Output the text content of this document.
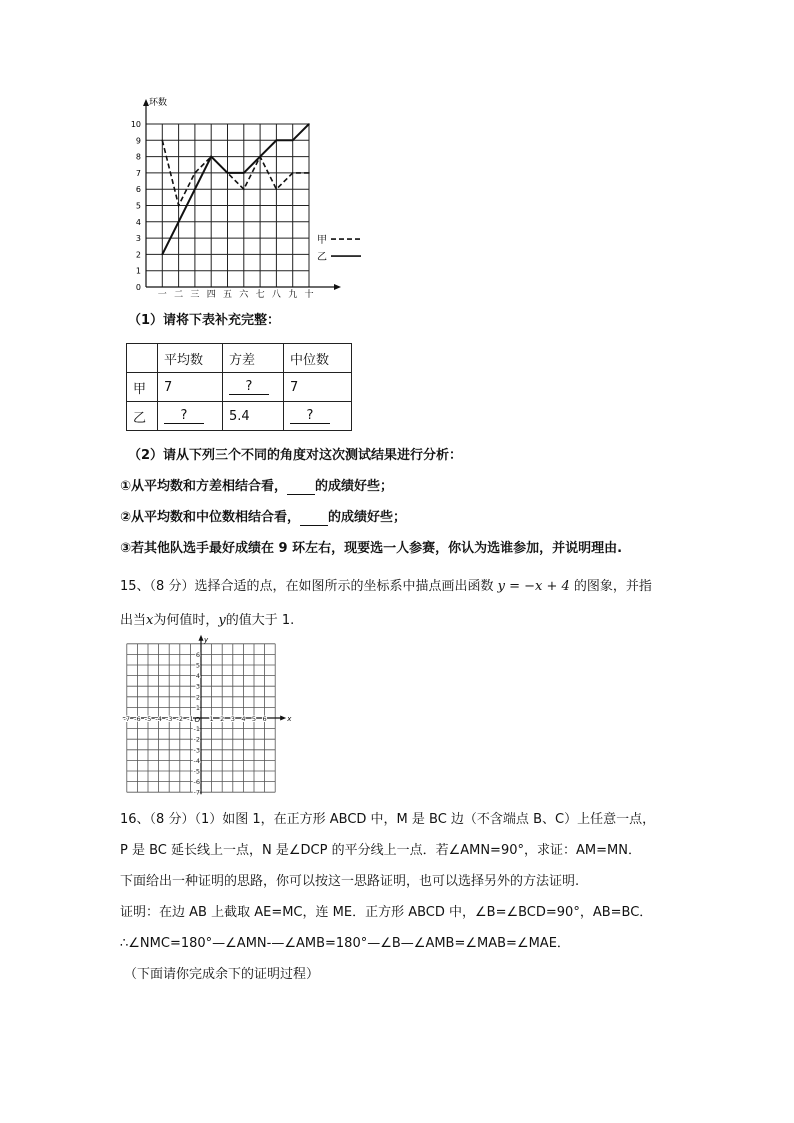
环数
0
1
2
3
4
5
6
7
8
9
10
一 二 三 四 五 六 七 八 九 十
甲
乙
（1）请将下表补充完整：
	平均数	方差	中位数
甲	7	?	7
乙	?	5.4	?
（2）请从下列三个不同的角度对这次测试结果进行分析：
①从平均数和方差相结合看， 的成绩好些；
②从平均数和中位数相结合看， 的成绩好些；
③若其他队选手最好成绩在 9 环左右，现要选一人参赛，你认为选谁参加，并说明理由.
15、（8 分）选择合适的点，在如图所示的坐标系中描点画出函数 y = −x + 4 的图象，并指
出当x为何值时，y的值大于 1.
x
y
O
-7 -6 -5 -4 -3 -2 -1 1 2 3 4 5 6
6
5
4
3
2
1
-1
-2
-3
-4
-5
-6
-7
16、（8 分）（1）如图 1，在正方形 ABCD 中，M 是 BC 边（不含端点 B、C）上任意一点，
P 是 BC 延长线上一点，N 是∠DCP 的平分线上一点．若∠AMN=90°，求证：AM=MN．
下面给出一种证明的思路，你可以按这一思路证明，也可以选择另外的方法证明.
证明：在边 AB 上截取 AE=MC，连 ME．正方形 ABCD 中，∠B=∠BCD=90°，AB=BC．
∴∠NMC=180°—∠AMN-—∠AMB=180°—∠B—∠AMB=∠MAB=∠MAE．
（下面请你完成余下的证明过程）
